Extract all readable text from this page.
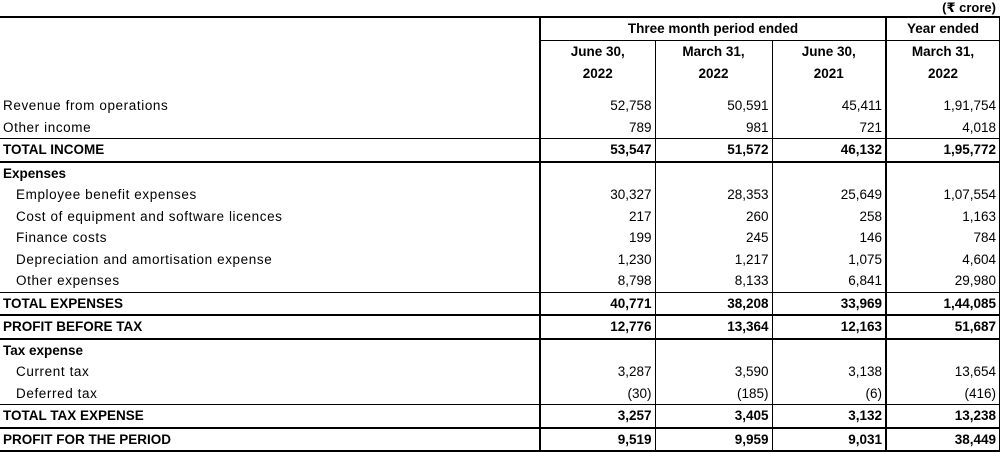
(₹ crore)
	Three month period ended			Year ended
	June 30,	March 31,	June 30,	March 31,
	2022	2022	2021	2022

Revenue from operations	52,758	50,591	45,411	1,91,754
Other income	789	981	721	4,018
TOTAL INCOME	53,547	51,572	46,132	1,95,772
Expenses				
Employee benefit expenses	30,327	28,353	25,649	1,07,554
Cost of equipment and software licences	217	260	258	1,163
Finance costs	199	245	146	784
Depreciation and amortisation expense	1,230	1,217	1,075	4,604
Other expenses	8,798	8,133	6,841	29,980
TOTAL EXPENSES	40,771	38,208	33,969	1,44,085
PROFIT BEFORE TAX	12,776	13,364	12,163	51,687
Tax expense				
Current tax	3,287	3,590	3,138	13,654
Deferred tax	(30)	(185)	(6)	(416)
TOTAL TAX EXPENSE	3,257	3,405	3,132	13,238
PROFIT FOR THE PERIOD	9,519	9,959	9,031	38,449
